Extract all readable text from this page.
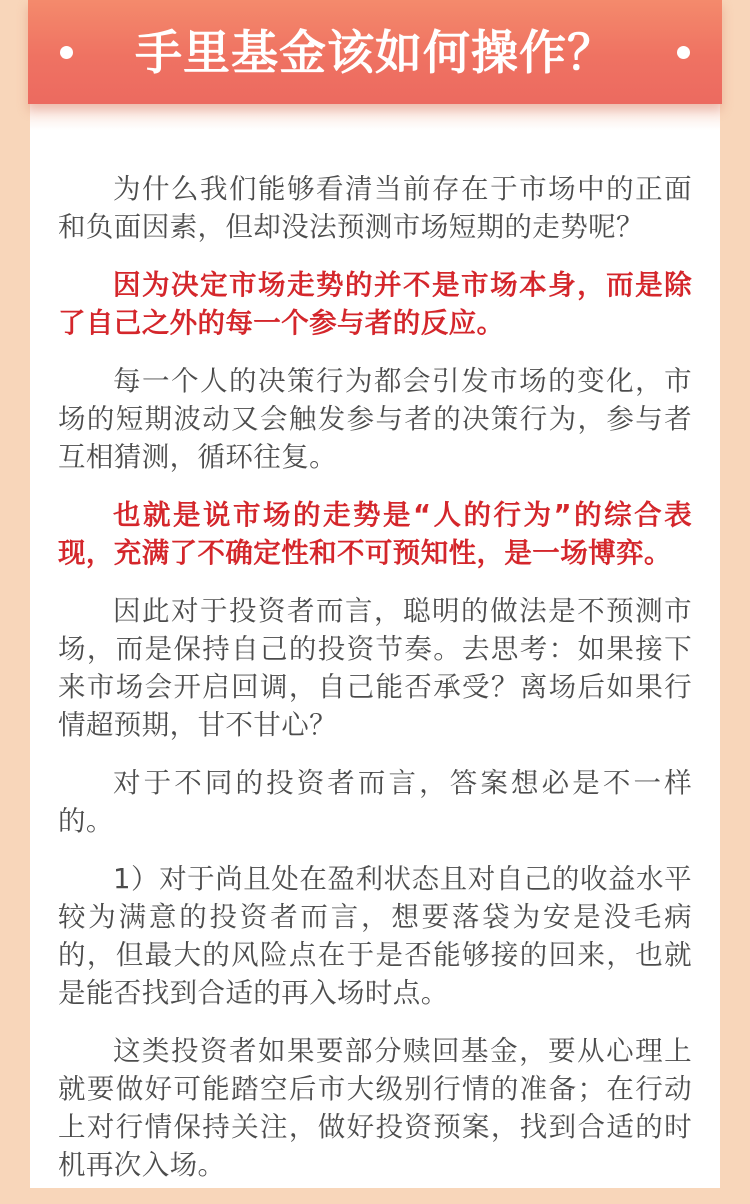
手里基金该如何操作？

为什么我们能够看清当前存在于市场中的正面和负面因素，但却没法预测市场短期的走势呢？

因为决定市场走势的并不是市场本身，而是除了自己之外的每一个参与者的反应。

每一个人的决策行为都会引发市场的变化，市场的短期波动又会触发参与者的决策行为，参与者互相猜测，循环往复。

也就是说市场的走势是“人的行为”的综合表现，充满了不确定性和不可预知性，是一场博弈。

因此对于投资者而言，聪明的做法是不预测市场，而是保持自己的投资节奏。去思考：如果接下来市场会开启回调，自己能否承受？离场后如果行情超预期，甘不甘心？

对于不同的投资者而言，答案想必是不一样的。

1）对于尚且处在盈利状态且对自己的收益水平较为满意的投资者而言，想要落袋为安是没毛病的，但最大的风险点在于是否能够接的回来，也就是能否找到合适的再入场时点。

这类投资者如果要部分赎回基金，要从心理上就要做好可能踏空后市大级别行情的准备；在行动上对行情保持关注，做好投资预案，找到合适的时机再次入场。
